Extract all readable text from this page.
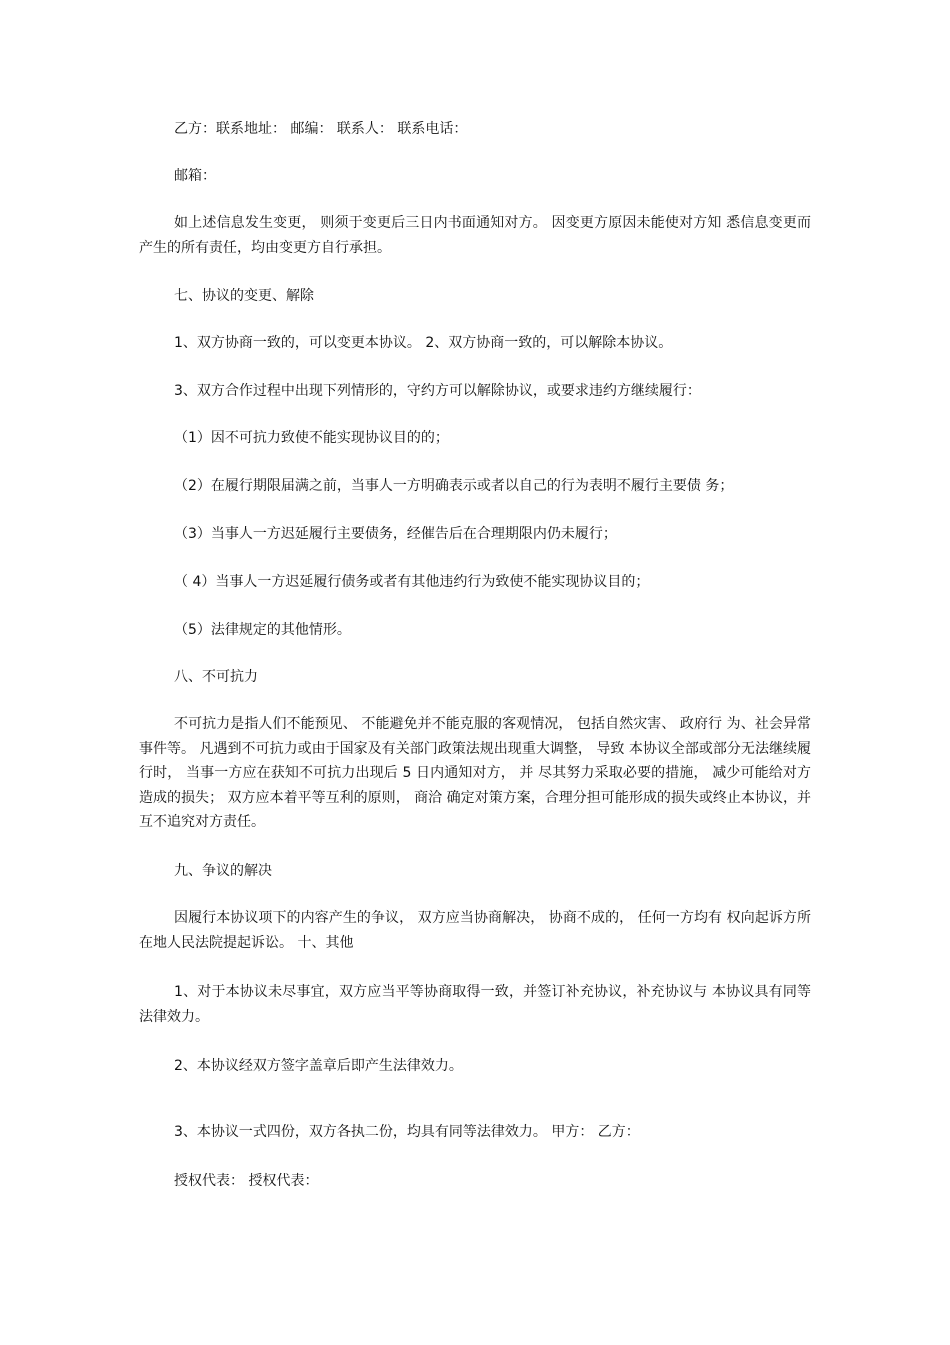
乙方：联系地址： 邮编： 联系人： 联系电话：

邮箱：

如上述信息发生变更， 则须于变更后三日内书面通知对方。 因变更方原因未能使对方知 悉信息变更而产生的所有责任，均由变更方自行承担。

七、协议的变更、解除

1、双方协商一致的，可以变更本协议。 2、双方协商一致的，可以解除本协议。

3、双方合作过程中出现下列情形的，守约方可以解除协议，或要求违约方继续履行：

（1）因不可抗力致使不能实现协议目的的；

（2）在履行期限届满之前，当事人一方明确表示或者以自己的行为表明不履行主要债 务；

（3）当事人一方迟延履行主要债务，经催告后在合理期限内仍未履行；

（ 4）当事人一方迟延履行债务或者有其他违约行为致使不能实现协议目的；

（5）法律规定的其他情形。

八、不可抗力

不可抗力是指人们不能预见、 不能避免并不能克服的客观情况， 包括自然灾害、 政府行 为、社会异常事件等。 凡遇到不可抗力或由于国家及有关部门政策法规出现重大调整， 导致 本协议全部或部分无法继续履行时， 当事一方应在获知不可抗力出现后 5 日内通知对方， 并 尽其努力采取必要的措施， 减少可能给对方造成的损失； 双方应本着平等互利的原则， 商洽 确定对策方案，合理分担可能形成的损失或终止本协议，并互不追究对方责任。

九、争议的解决

因履行本协议项下的内容产生的争议， 双方应当协商解决， 协商不成的， 任何一方均有 权向起诉方所在地人民法院提起诉讼。 十、其他

1、对于本协议未尽事宜，双方应当平等协商取得一致，并签订补充协议，补充协议与 本协议具有同等法律效力。

2、本协议经双方签字盖章后即产生法律效力。

3、本协议一式四份，双方各执二份，均具有同等法律效力。 甲方： 乙方：

授权代表： 授权代表：
